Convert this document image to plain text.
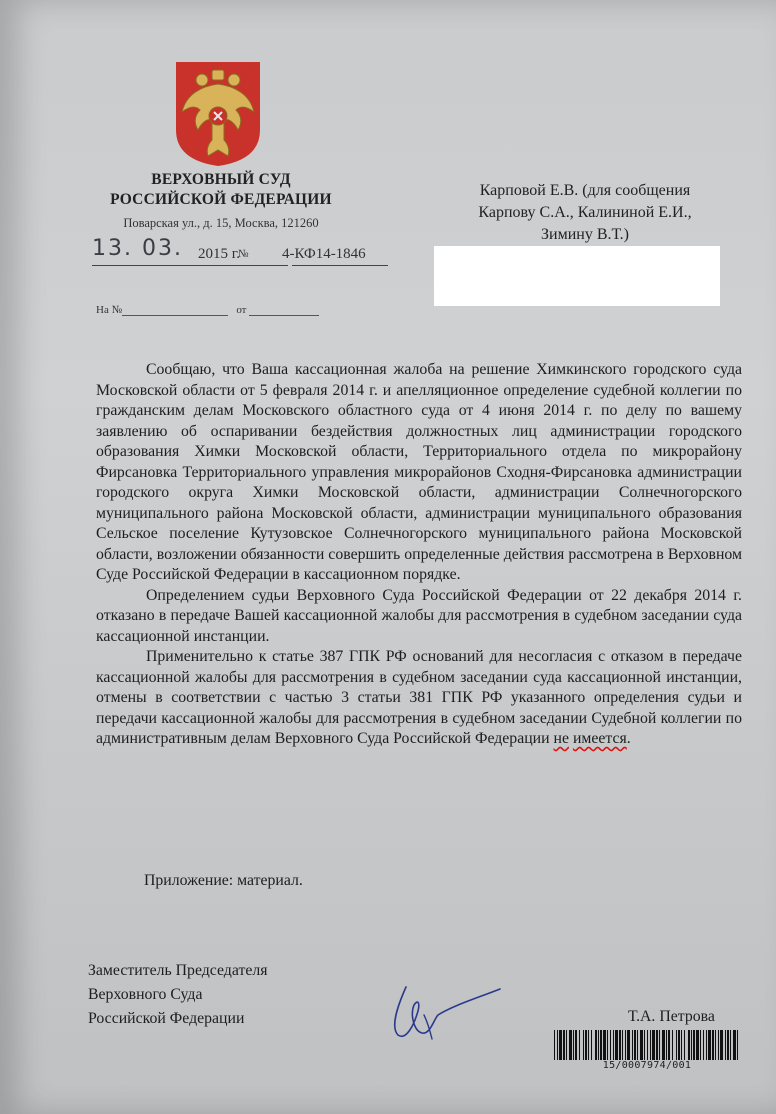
ВЕРХОВНЫЙ СУД
РОССИЙСКОЙ ФЕДЕРАЦИИ
Поварская ул., д. 15, Москва, 121260
13. 03. 2015 г.
№ 4-КФ14-1846
На №	от
Карповой Е.В. (для сообщения
Карпову С.А., Калининой Е.И.,
Зимину В.Т.)

Сообщаю, что Ваша кассационная жалоба на решение Химкинского городского суда Московской области от 5 февраля 2014 г. и апелляционное определение судебной коллегии по гражданским делам Московского областного суда от 4 июня 2014 г. по делу по вашему заявлению об оспаривании бездействия должностных лиц администрации городского образования Химки Московской области, Территориального отдела по микрорайону Фирсановка Территориального управления микрорайонов Сходня-Фирсановка администрации городского округа Химки Московской области, администрации Солнечногорского муниципального района Московской области, администрации муниципального образования Сельское поселение Кутузовское Солнечногорского муниципального района Московской области, возложении обязанности совершить определенные действия рассмотрена в Верховном Суде Российской Федерации в кассационном порядке.

Определением судьи Верховного Суда Российской Федерации от 22 декабря 2014 г. отказано в передаче Вашей кассационной жалобы для рассмотрения в судебном заседании суда кассационной инстанции.

Применительно к статье 387 ГПК РФ оснований для несогласия с отказом в передаче кассационной жалобы для рассмотрения в судебном заседании суда кассационной инстанции, отмены в соответствии с частью 3 статьи 381 ГПК РФ указанного определения судьи и передачи кассационной жалобы для рассмотрения в судебном заседании Судебной коллегии по административным делам Верховного Суда Российской Федерации не имеется.

Приложение: материал.
Заместитель Председателя
Верховного Суда
Российской Федерации	Т.А. Петрова
15/0007974/001
